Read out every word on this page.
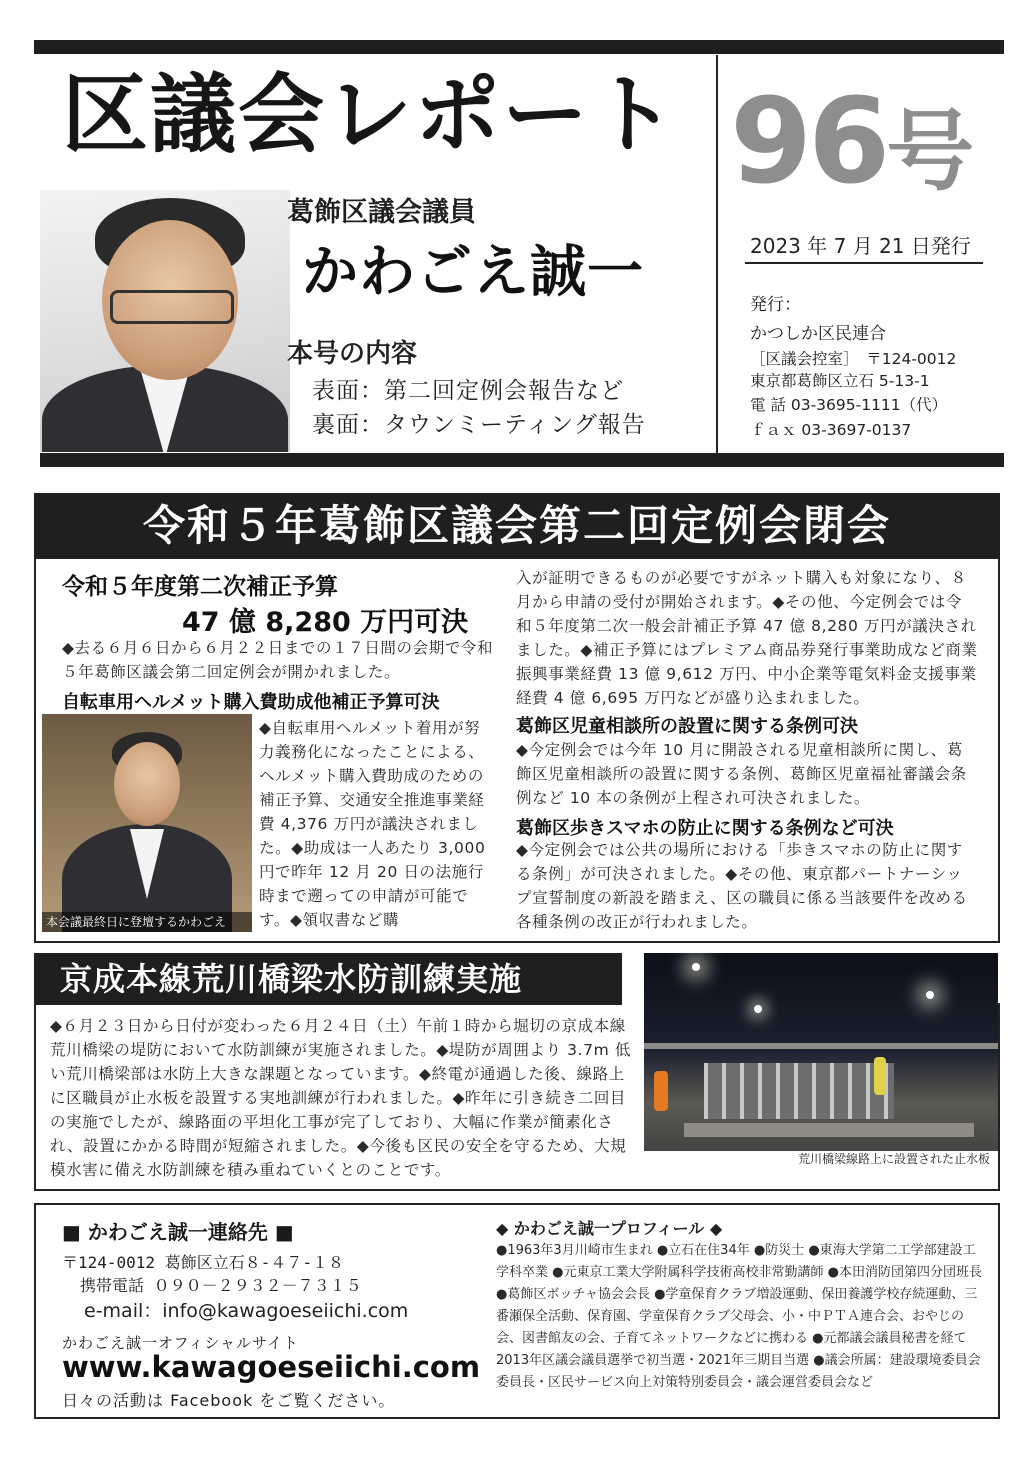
区議会レポート 96号
2023 年 7 月 21 日発行
発行：
かつしか区民連合
［区議会控室］　〒124-0012
東京都葛飾区立石 5-13-1
電 話 03-3695-1111（代）
ｆａｘ 03-3697-0137
葛飾区議会議員
かわごえ誠一
本号の内容
表面：第二回定例会報告など
裏面：タウンミーティング報告
令和５年葛飾区議会第二回定例会閉会
令和５年度第二次補正予算
47 億 8,280 万円可決
◆去る６月６日から６月２２日までの１７日間の会期で令和５年葛飾区議会第二回定例会が開かれました。
自転車用ヘルメット購入費助成他補正予算可決
本会議最終日に登壇するかわごえ
◆自転車用ヘルメット着用が努力義務化になったことによる、ヘルメット購入費助成のための補正予算、交通安全推進事業経費 4,376 万円が議決されました。◆助成は一人あたり 3,000 円で昨年 12 月 20 日の法施行時まで遡っての申請が可能です。◆領収書など購
入が証明できるものが必要ですがネット購入も対象になり、８月から申請の受付が開始されます。◆その他、今定例会では令和５年度第二次一般会計補正予算 47 億 8,280 万円が議決されました。◆補正予算にはプレミアム商品券発行事業助成など商業振興事業経費 13 億 9,612 万円、中小企業等電気料金支援事業経費 4 億 6,695 万円などが盛り込まれました。
葛飾区児童相談所の設置に関する条例可決
◆今定例会では今年 10 月に開設される児童相談所に関し、葛飾区児童相談所の設置に関する条例、葛飾区児童福祉審議会条例など 10 本の条例が上程され可決されました。
葛飾区歩きスマホの防止に関する条例など可決
◆今定例会では公共の場所における「歩きスマホの防止に関する条例」が可決されました。◆その他、東京都パートナーシップ宣誓制度の新設を踏まえ、区の職員に係る当該要件を改める各種条例の改正が行われました。
京成本線荒川橋梁水防訓練実施
◆６月２３日から日付が変わった６月２４日（土）午前１時から堀切の京成本線荒川橋梁の堤防において水防訓練が実施されました。◆堤防が周囲より 3.7m 低い荒川橋梁部は水防上大きな課題となっています。◆終電が通過した後、線路上に区職員が止水板を設置する実地訓練が行われました。◆昨年に引き続き二回目の実施でしたが、線路面の平坦化工事が完了しており、大幅に作業が簡素化され、設置にかかる時間が短縮されました。◆今後も区民の安全を守るため、大規模水害に備え水防訓練を積み重ねていくとのことです。
荒川橋梁線路上に設置された止水板
■ かわごえ誠一連絡先 ■
〒124-0012 葛飾区立石８-４７-１８
携帯電話 ０９０－２９３２－７３１５
e-mail：info@kawagoeseiichi.com
かわごえ誠一オフィシャルサイト
www.kawagoeseiichi.com
日々の活動は Facebook をご覧ください。
◆ かわごえ誠一プロフィール ◆
●1963年3月川崎市生まれ ●立石在住34年 ●防災士 ●東海大学第二工学部建設工学科卒業 ●元東京工業大学附属科学技術高校非常勤講師 ●本田消防団第四分団班長 ●葛飾区ボッチャ協会会長 ●学童保育クラブ増設運動、保田養護学校存続運動、三番瀬保全活動、保育園、学童保育クラブ父母会、小・中ＰＴＡ連合会、おやじの会、図書館友の会、子育てネットワークなどに携わる ●元都議会議員秘書を経て2013年区議会議員選挙で初当選・2021年三期目当選 ●議会所属：建設環境委員会委員長・区民サービス向上対策特別委員会・議会運営委員会など
